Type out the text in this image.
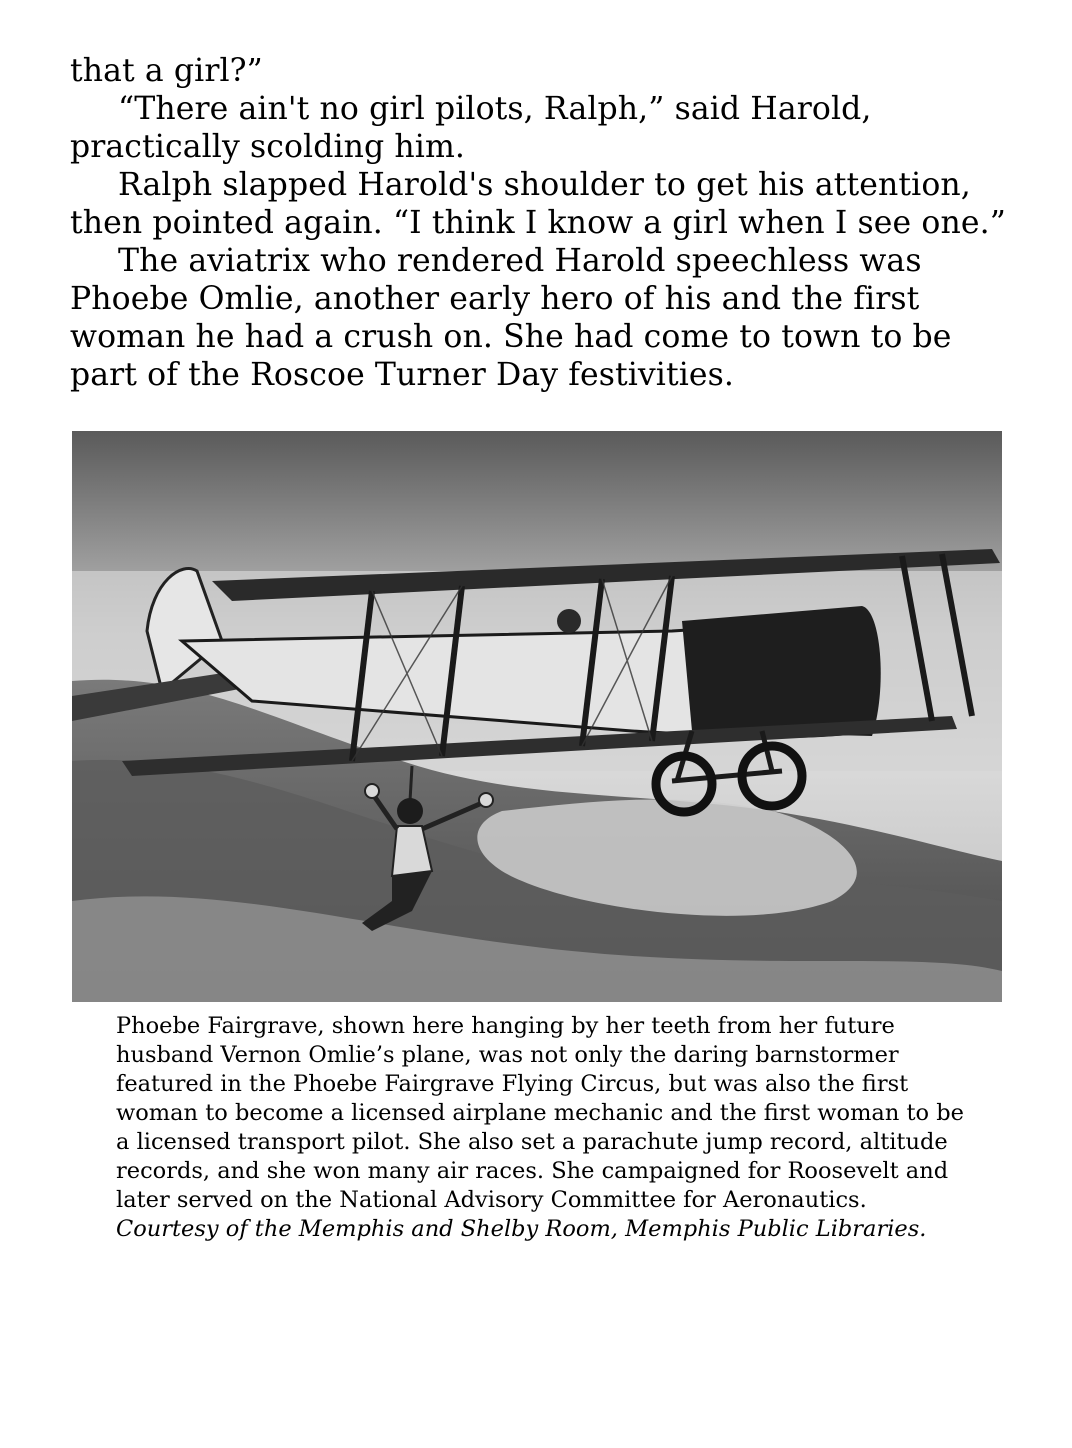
that a girl?”

“There ain't no girl pilots, Ralph,” said Harold, practically scolding him.

Ralph slapped Harold's shoulder to get his attention, then pointed again. “I think I know a girl when I see one.”

The aviatrix who rendered Harold speechless was Phoebe Omlie, another early hero of his and the first woman he had a crush on. She had come to town to be part of the Roscoe Turner Day festivities.

Phoebe Fairgrave, shown here hanging by her teeth from her future husband Vernon Omlie’s plane, was not only the daring barnstormer featured in the Phoebe Fairgrave Flying Circus, but was also the first woman to become a licensed airplane mechanic and the first woman to be a licensed transport pilot. She also set a parachute jump record, altitude records, and she won many air races. She campaigned for Roosevelt and later served on the National Advisory Committee for Aeronautics. Courtesy of the Memphis and Shelby Room, Memphis Public Libraries.
